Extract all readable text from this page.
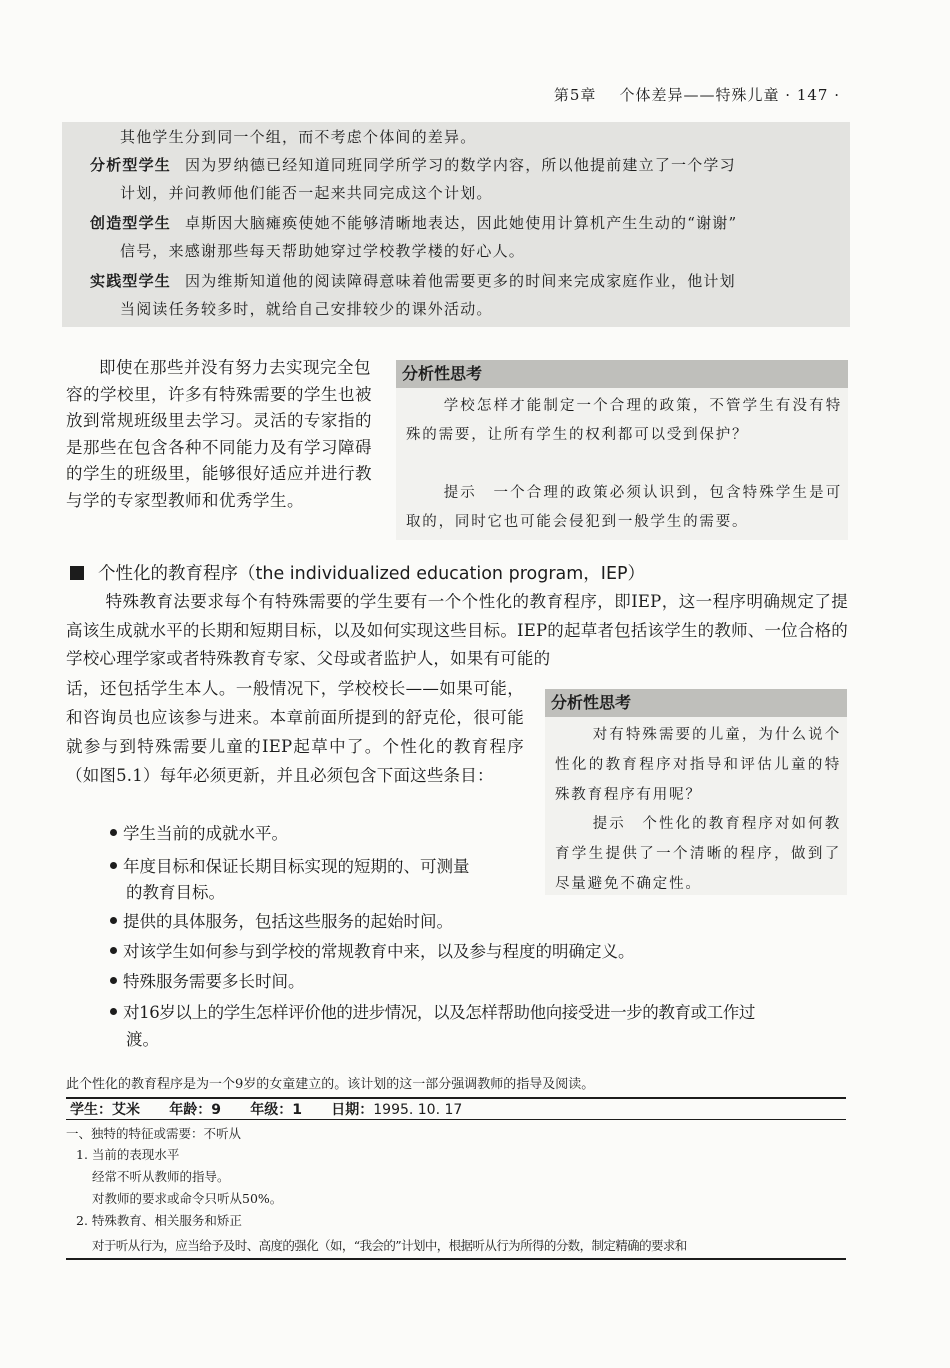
第5章 个体差异——特殊儿童 · 147 ·
其他学生分到同一个组，而不考虑个体间的差异。
分析型学生 因为罗纳德已经知道同班同学所学习的数学内容，所以他提前建立了一个学习
计划，并问教师他们能否一起来共同完成这个计划。
创造型学生 卓斯因大脑瘫痪使她不能够清晰地表达，因此她使用计算机产生生动的“谢谢”
信号，来感谢那些每天帮助她穿过学校教学楼的好心人。
实践型学生 因为维斯知道他的阅读障碍意味着他需要更多的时间来完成家庭作业，他计划
当阅读任务较多时，就给自己安排较少的课外活动。
即使在那些并没有努力去实现完全包容的学校里，许多有特殊需要的学生也被放到常规班级里去学习。灵活的专家指的是那些在包含各种不同能力及有学习障碍的学生的班级里，能够很好适应并进行教与学的专家型教师和优秀学生。
分析性思考
学校怎样才能制定一个合理的政策，不管学生有没有特殊的需要，让所有学生的权利都可以受到保护？
提示　一个合理的政策必须认识到，包含特殊学生是可取的，同时它也可能会侵犯到一般学生的需要。
个性化的教育程序（the individualized education program，IEP）
特殊教育法要求每个有特殊需要的学生要有一个个性化的教育程序，即IEP，这一程序明确规定了提高该生成就水平的长期和短期目标，以及如何实现这些目标。IEP的起草者包括该学生的教师、一位合格的学校心理学家或者特殊教育专家、父母或者监护人，如果有可能的
话，还包括学生本人。一般情况下，学校校长——如果可能，和咨询员也应该参与进来。本章前面所提到的舒克伦，很可能就参与到特殊需要儿童的IEP起草中了。个性化的教育程序（如图5.1）每年必须更新，并且必须包含下面这些条目：
分析性思考
对有特殊需要的儿童，为什么说个性化的教育程序对指导和评估儿童的特殊教育程序有用呢？
提示　个性化的教育程序对如何教育学生提供了一个清晰的程序，做到了尽量避免不确定性。
学生当前的成就水平。
年度目标和保证长期目标实现的短期的、可测量
的教育目标。
提供的具体服务，包括这些服务的起始时间。
对该学生如何参与到学校的常规教育中来，以及参与程度的明确定义。
特殊服务需要多长时间。
对16岁以上的学生怎样评价他的进步情况，以及怎样帮助他向接受进一步的教育或工作过
渡。
此个性化的教育程序是为一个9岁的女童建立的。该计划的这一部分强调教师的指导及阅读。
学生：艾米 年龄：9 年级：1 日期：1995. 10. 17
一、独特的特征或需要：不听从
1. 当前的表现水平
经常不听从教师的指导。
对教师的要求或命令只听从50%。
2. 特殊教育、相关服务和矫正
对于听从行为，应当给予及时、高度的强化（如，“我会的”计划中，根据听从行为所得的分数，制定精确的要求和
